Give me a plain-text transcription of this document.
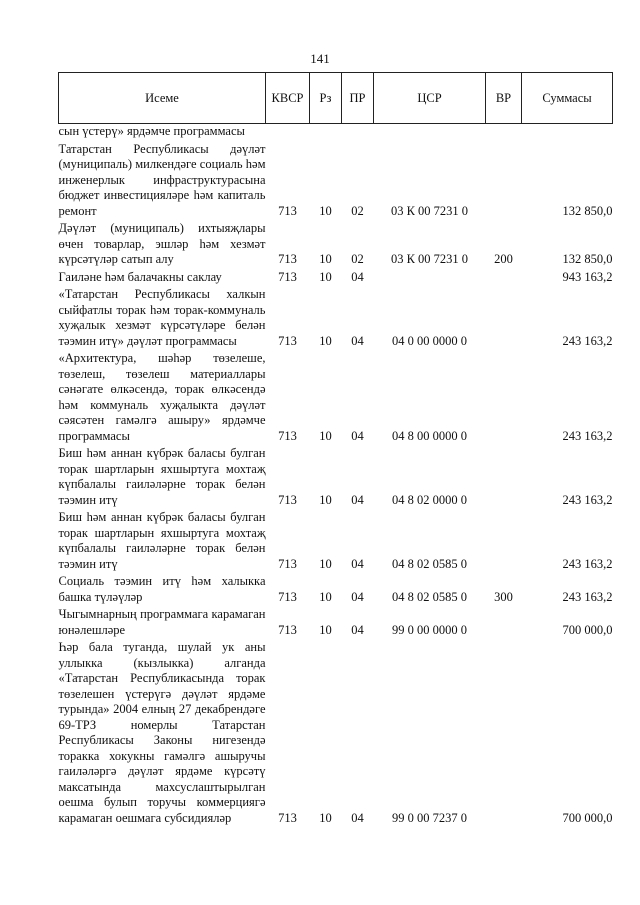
141
Исеме	КВСР	Рз	ПР	ЦСР	ВР	Суммасы
сын үстерү» ярдәмче программасы						
Татарстан Республикасы дәүләт (муниципаль) милкендәге социаль һәм инженерлык инфраструктурасына бюджет инвестицияләре һәм капиталь ремонт	713	10	02	03 К 00 7231 0		132 850,0
Дәүләт (муниципаль) ихтыяҗлары өчен товарлар, эшләр һәм хезмәт күрсәтүләр сатып алу	713	10	02	03 К 00 7231 0	200	132 850,0
Гаиләне һәм балачакны саклау	713	10	04			943 163,2
«Татарстан Республикасы халкын сыйфатлы торак һәм торак-коммуналь хуҗалык хезмәт күрсәтүләре белән тәэмин итү» дәүләт программасы	713	10	04	04 0 00 0000 0		243 163,2
«Архитектура, шәһәр төзелеше, төзелеш, төзелеш материаллары сәнәгате өлкәсендә, торак өлкәсендә һәм коммуналь хуҗалыкта дәүләт сәясәтен гамәлгә ашыру» ярдәмче программасы	713	10	04	04 8 00 0000 0		243 163,2
Биш һәм аннан күбрәк баласы булган торак шартларын яхшыртуга мохтаҗ күпбалалы гаиләләрне торак белән тәэмин итү	713	10	04	04 8 02 0000 0		243 163,2
Биш һәм аннан күбрәк баласы булган торак шартларын яхшыртуга мохтаҗ күпбалалы гаиләләрне торак белән тәэмин итү	713	10	04	04 8 02 0585 0		243 163,2
Социаль тәэмин итү һәм халыкка башка түләүләр	713	10	04	04 8 02 0585 0	300	243 163,2
Чыгымнарның программага карамаган юнәлешләре	713	10	04	99 0 00 0000 0		700 000,0
Һәр бала туганда, шулай ук аны уллыкка (кызлыкка) алганда «Татарстан Республикасында торак төзелешен үстерүгә дәүләт ярдәме турында» 2004 елның 27 декабрендәге 69-ТРЗ номерлы Татарстан Республикасы Законы нигезендә торакка хокукны гамәлгә ашыручы гаиләләргә дәүләт ярдәме күрсәтү максатында махсуслаштырылган оешма булып торучы коммерциягә карамаган оешмага субсидияләр	713	10	04	99 0 00 7237 0		700 000,0
